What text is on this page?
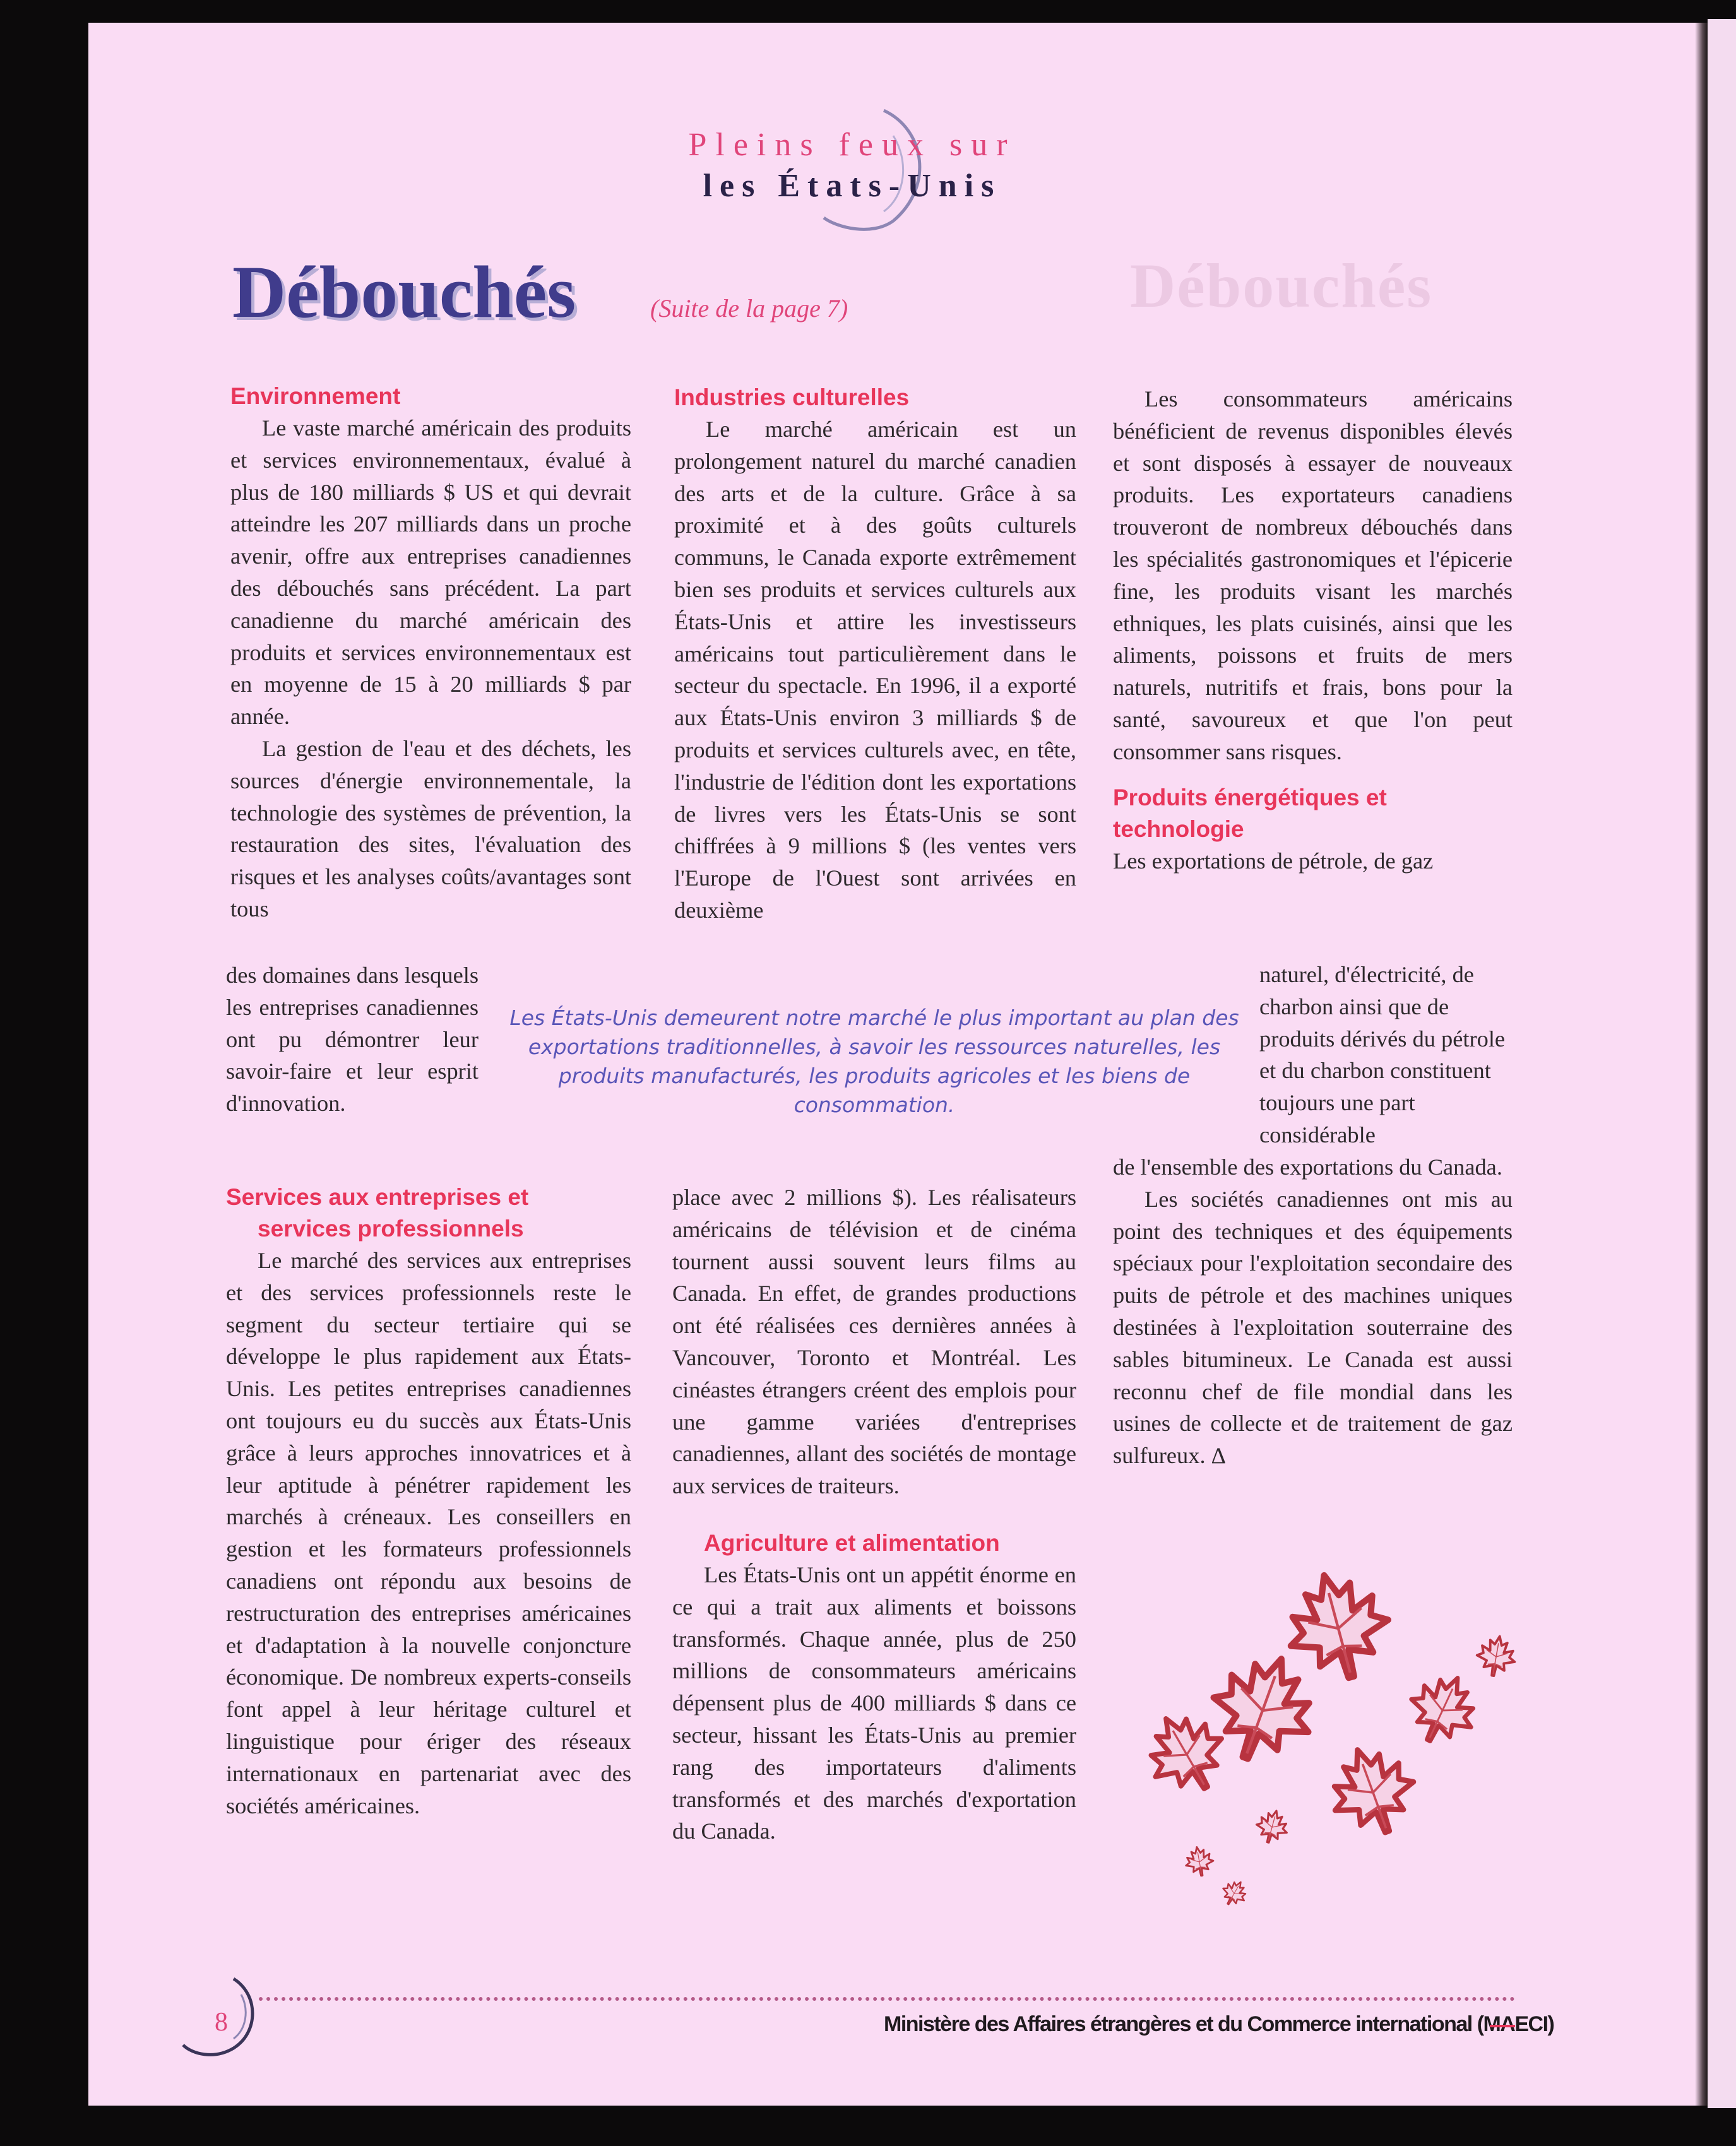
Débouchés
Pleins feux sur
les États-Unis
Débouchés	(Suite de la page 7)

Environnement

Le vaste marché américain des produits et services environnementaux, évalué à plus de 180 milliards $ US et qui devrait atteindre les 207 milliards dans un proche avenir, offre aux entreprises canadiennes des débouchés sans précédent. La part canadienne du marché américain des produits et services environnementaux est en moyenne de 15 à 20 milliards $ par année.

La gestion de l'eau et des déchets, les sources d'énergie environnementale, la technologie des systèmes de prévention, la restauration des sites, l'évaluation des risques et les analyses coûts/avantages sont tous

des domaines dans lesquels les entreprises canadiennes ont pu démontrer leur savoir-faire et leur esprit d'innovation.

Services aux entreprises et

services professionnels

Le marché des services aux entreprises et des services professionnels reste le segment du secteur tertiaire qui se développe le plus rapidement aux États-Unis. Les petites entreprises canadiennes ont toujours eu du succès aux États-Unis grâce à leurs approches innovatrices et à leur aptitude à pénétrer rapidement les marchés à créneaux. Les conseillers en gestion et les formateurs professionnels canadiens ont répondu aux besoins de restructuration des entreprises américaines et d'adaptation à la nouvelle conjoncture économique. De nombreux experts-conseils font appel à leur héritage culturel et linguistique pour ériger des réseaux internationaux en partenariat avec des sociétés américaines.

Industries culturelles

Le marché américain est un prolongement naturel du marché canadien des arts et de la culture. Grâce à sa proximité et à des goûts culturels communs, le Canada exporte extrêmement bien ses produits et services culturels aux États-Unis et attire les investisseurs américains tout particulièrement dans le secteur du spectacle. En 1996, il a exporté aux États-Unis environ 3 milliards $ de produits et services culturels avec, en tête, l'industrie de l'édition dont les exportations de livres vers les États-Unis se sont chiffrées à 9 millions $ (les ventes vers l'Europe de l'Ouest sont arrivées en deuxième

Les États-Unis demeurent notre marché le plus important au plan des exportations traditionnelles, à savoir les ressources naturelles, les produits manufacturés, les produits agricoles et les biens de consommation.

place avec 2 millions $). Les réalisateurs américains de télévision et de cinéma tournent aussi souvent leurs films au Canada. En effet, de grandes productions ont été réalisées ces dernières années à Vancouver, Toronto et Montréal. Les cinéastes étrangers créent des emplois pour une gamme variées d'entreprises canadiennes, allant des sociétés de montage aux services de traiteurs.

Agriculture et alimentation

Les États-Unis ont un appétit énorme en ce qui a trait aux aliments et boissons transformés. Chaque année, plus de 250 millions de consommateurs américains dépensent plus de 400 milliards $ dans ce secteur, hissant les États-Unis au premier rang des importateurs d'aliments transformés et des marchés d'exportation du Canada.

Les consommateurs américains bénéficient de revenus disponibles élevés et sont disposés à essayer de nouveaux produits. Les exportateurs canadiens trouveront de nombreux débouchés dans les spécialités gastronomiques et l'épicerie fine, les produits visant les marchés ethniques, les plats cuisinés, ainsi que les aliments, poissons et fruits de mers naturels, nutritifs et frais, bons pour la santé, savoureux et que l'on peut consommer sans risques.

Produits énergétiques et

technologie

Les exportations de pétrole, de gaz

naturel, d'électricité, de charbon ainsi que de produits dérivés du pétrole et du charbon constituent toujours une part considérable

de l'ensemble des exportations du Canada.

Les sociétés canadiennes ont mis au point des techniques et des équipements spéciaux pour l'exploitation secondaire des puits de pétrole et des machines uniques destinées à l'exploitation souterraine des sables bitumineux. Le Canada est aussi reconnu chef de file mondial dans les usines de collecte et de traitement de gaz sulfureux. Δ

8	Ministère des Affaires étrangères et du Commerce international (MAECI)
